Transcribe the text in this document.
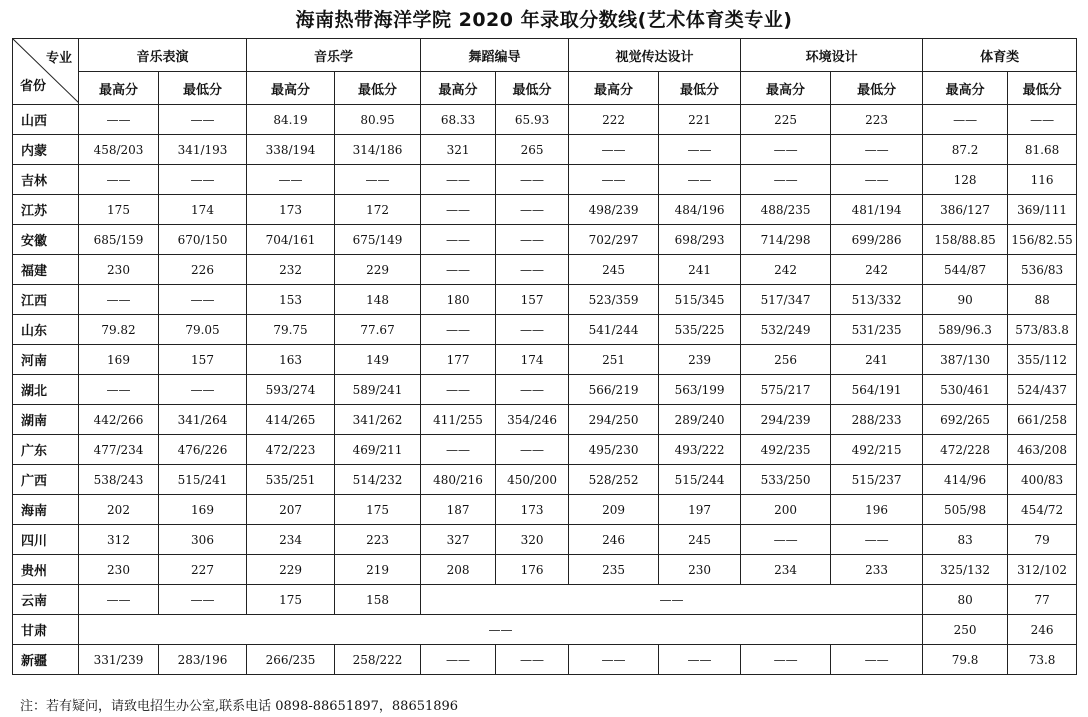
海南热带海洋学院 2020 年录取分数线(艺术体育类专业)
专业
省份	音乐表演		音乐学		舞蹈编导		视觉传达设计		环境设计		体育类	
	最高分	最低分	最高分	最低分	最高分	最低分	最高分	最低分	最高分	最低分	最高分	最低分
山西	——	——	84.19	80.95	68.33	65.93	222	221	225	223	——	——
内蒙	458/203	341/193	338/194	314/186	321	265	——	——	——	——	87.2	81.68
吉林	——	——	——	——	——	——	——	——	——	——	128	116
江苏	175	174	173	172	——	——	498/239	484/196	488/235	481/194	386/127	369/111
安徽	685/159	670/150	704/161	675/149	——	——	702/297	698/293	714/298	699/286	158/88.85	156/82.55
福建	230	226	232	229	——	——	245	241	242	242	544/87	536/83
江西	——	——	153	148	180	157	523/359	515/345	517/347	513/332	90	88
山东	79.82	79.05	79.75	77.67	——	——	541/244	535/225	532/249	531/235	589/96.3	573/83.8
河南	169	157	163	149	177	174	251	239	256	241	387/130	355/112
湖北	——	——	593/274	589/241	——	——	566/219	563/199	575/217	564/191	530/461	524/437
湖南	442/266	341/264	414/265	341/262	411/255	354/246	294/250	289/240	294/239	288/233	692/265	661/258
广东	477/234	476/226	472/223	469/211	——	——	495/230	493/222	492/235	492/215	472/228	463/208
广西	538/243	515/241	535/251	514/232	480/216	450/200	528/252	515/244	533/250	515/237	414/96	400/83
海南	202	169	207	175	187	173	209	197	200	196	505/98	454/72
四川	312	306	234	223	327	320	246	245	——	——	83	79
贵州	230	227	229	219	208	176	235	230	234	233	325/132	312/102
云南	——	——	175	158	——						80	77
甘肃	——										250	246
新疆	331/239	283/196	266/235	258/222	——	——	——	——	——	——	79.8	73.8
注：若有疑问，请致电招生办公室,联系电话 0898-88651897，88651896
